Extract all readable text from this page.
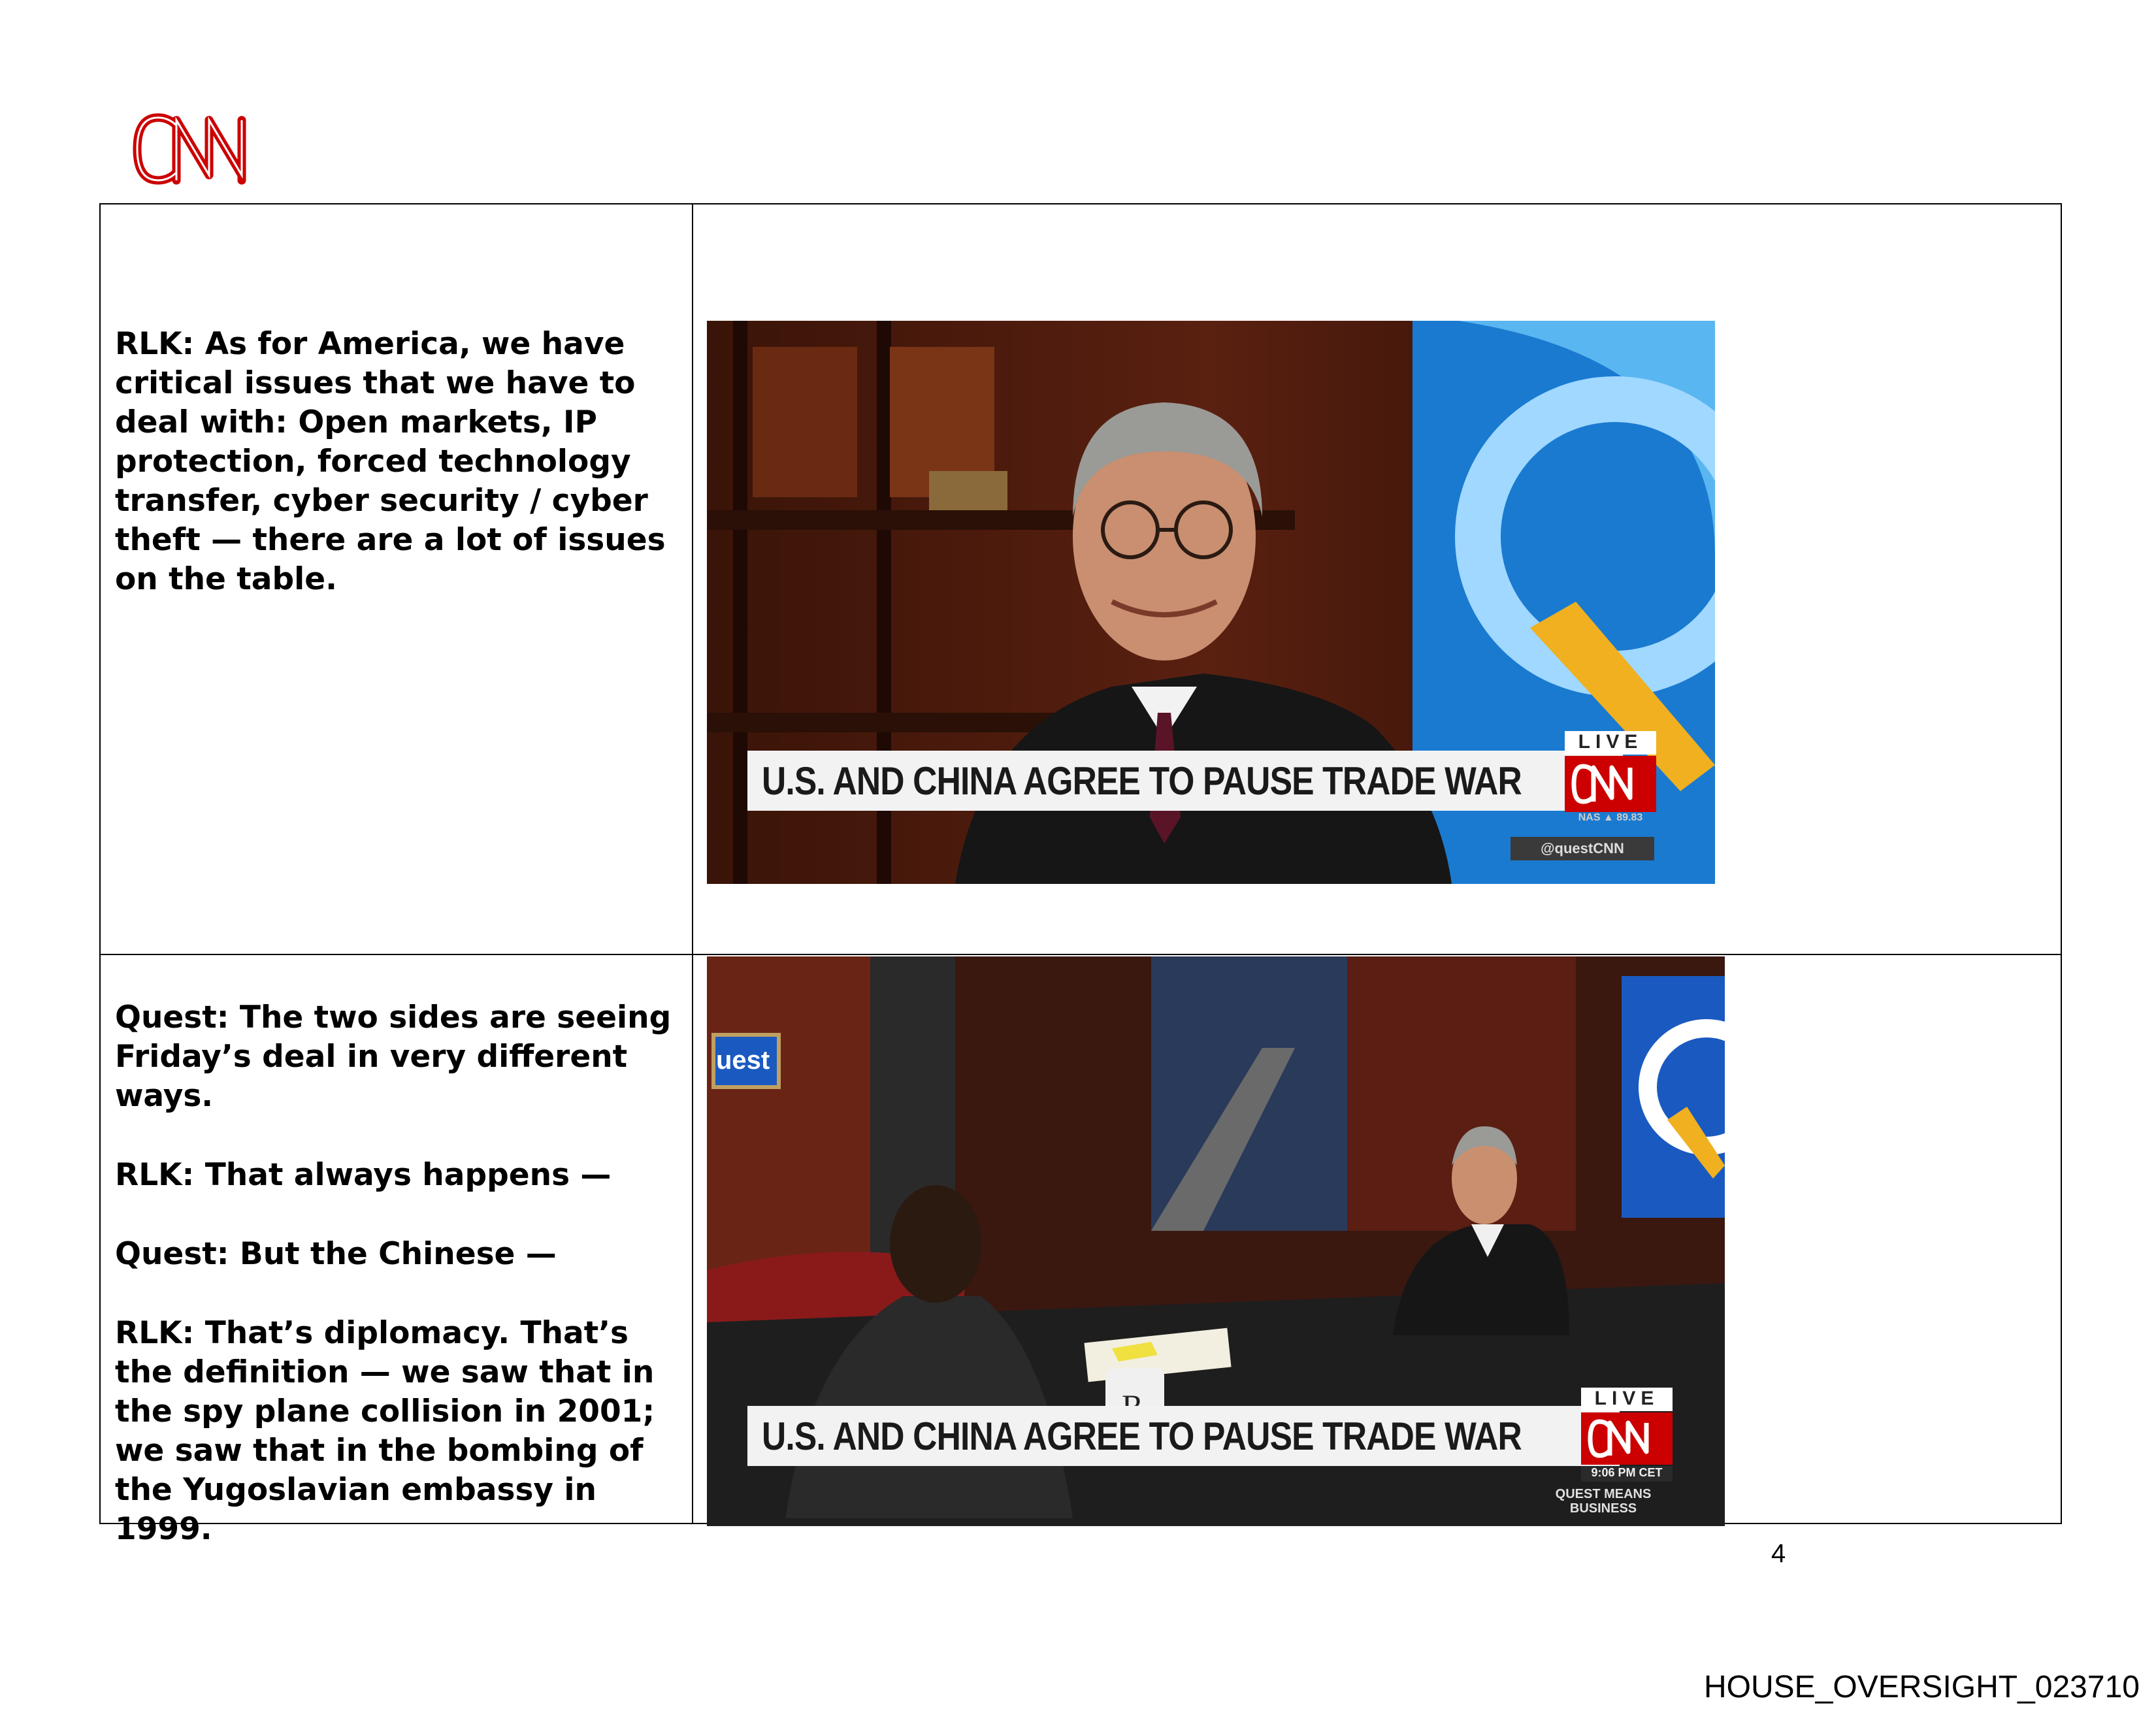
RLK: As for America, we have critical issues that we have to deal with: Open markets, IP protection, forced technology transfer, cyber security / cyber theft — there are a lot of issues on the table.

U.S. AND CHINA AGREE TO PAUSE TRADE WAR
LIVE
NAS ▲ 89.83
@questCNN

Quest: The two sides are seeing Friday’s deal in very different ways.

RLK: That always happens —

Quest: But the Chinese —

RLK: That’s diplomacy. That’s the definition — we saw that in the spy plane collision in 2001; we saw that in the bombing of the Yugoslavian embassy in 1999.

uest
U.S. AND CHINA AGREE TO PAUSE TRADE WAR
LIVE
9:06 PM CET
QUEST MEANS BUSINESS
4
HOUSE_OVERSIGHT_023710
